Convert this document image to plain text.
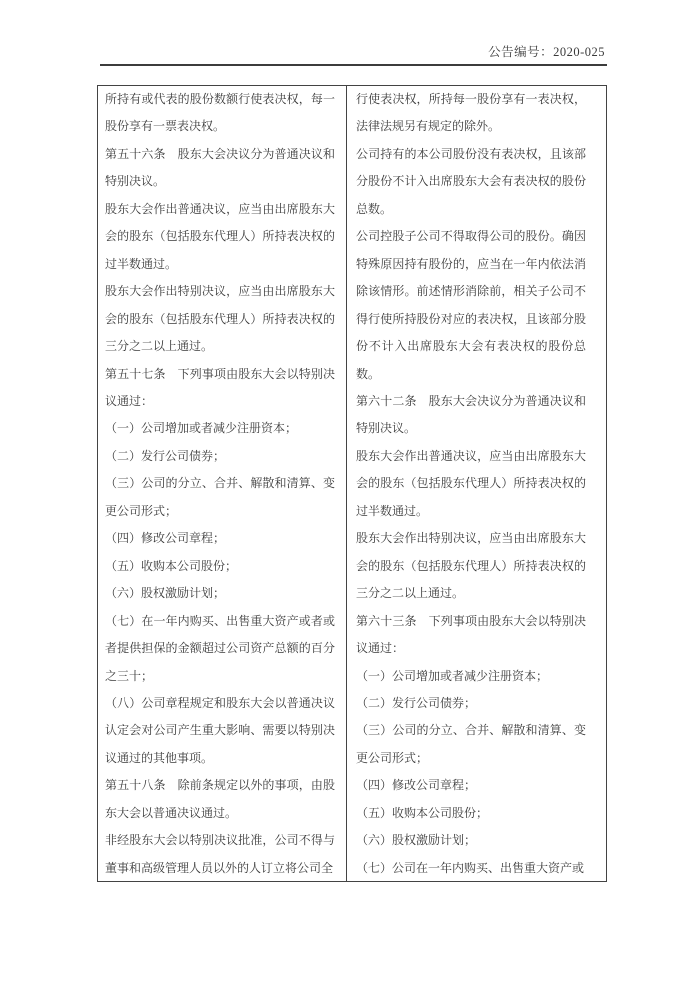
公告编号：2020-025

所持有或代表的股份数额行使表决权，每一股份享有一票表决权。

第五十六条　股东大会决议分为普通决议和特别决议。

股东大会作出普通决议，应当由出席股东大会的股东（包括股东代理人）所持表决权的过半数通过。

股东大会作出特别决议，应当由出席股东大会的股东（包括股东代理人）所持表决权的三分之二以上通过。

第五十七条　下列事项由股东大会以特别决议通过：

（一）公司增加或者减少注册资本；

（二）发行公司债券；

（三）公司的分立、合并、解散和清算、变更公司形式；

（四）修改公司章程；

（五）收购本公司股份；

（六）股权激励计划；

（七）在一年内购买、出售重大资产或者或者提供担保的金额超过公司资产总额的百分之三十；

（八）公司章程规定和股东大会以普通决议认定会对公司产生重大影响、需要以特别决议通过的其他事项。

第五十八条　除前条规定以外的事项，由股东大会以普通决议通过。

非经股东大会以特别决议批准，公司不得与董事和高级管理人员以外的人订立将公司全

行使表决权，所持每一股份享有一表决权，法律法规另有规定的除外。

公司持有的本公司股份没有表决权，且该部分股份不计入出席股东大会有表决权的股份总数。

公司控股子公司不得取得公司的股份。确因特殊原因持有股份的，应当在一年内依法消除该情形。前述情形消除前，相关子公司不得行使所持股份对应的表决权，且该部分股份不计入出席股东大会有表决权的股份总数。

第六十二条　股东大会决议分为普通决议和特别决议。

股东大会作出普通决议，应当由出席股东大会的股东（包括股东代理人）所持表决权的过半数通过。

股东大会作出特别决议，应当由出席股东大会的股东（包括股东代理人）所持表决权的三分之二以上通过。

第六十三条　下列事项由股东大会以特别决议通过：

（一）公司增加或者减少注册资本；

（二）发行公司债券；

（三）公司的分立、合并、解散和清算、变更公司形式；

（四）修改公司章程；

（五）收购本公司股份；

（六）股权激励计划；

（七）公司在一年内购买、出售重大资产或
